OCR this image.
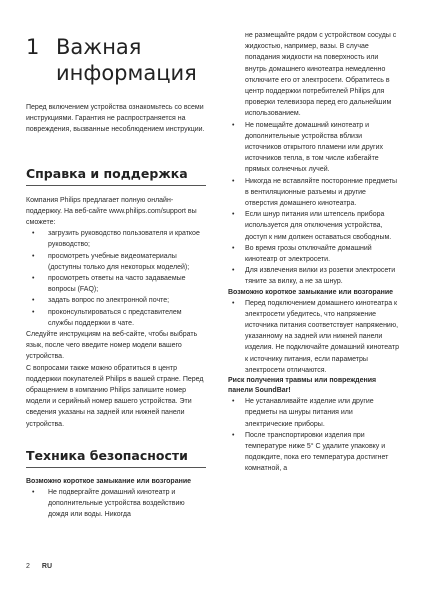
1 Важная информация

Перед включением устройства ознакомьтесь со всеми инструкциями. Гарантия не распространяется на повреждения, вызванные несоблюдением инструкции.

Справка и поддержка

Компания Philips предлагает полную онлайн-поддержку. На веб-сайте www.philips.com/support вы сможете:

• загрузить руководство пользователя и краткое руководство;
• просмотреть учебные видеоматериалы (доступны только для некоторых моделей);
• просмотреть ответы на часто задаваемые вопросы (FAQ);
• задать вопрос по электронной почте;
• проконсультироваться с представителем службы поддержки в чате.

Следуйте инструкциям на веб-сайте, чтобы выбрать язык, после чего введите номер модели вашего устройства.

С вопросами также можно обратиться в центр поддержки покупателей Philips в вашей стране. Перед обращением в компанию Philips запишите номер модели и серийный номер вашего устройства. Эти сведения указаны на задней или нижней панели устройства.

Техника безопасности

Возможно короткое замыкание или возгорание

• Не подвергайте домашний кинотеатр и дополнительные устройства воздействию дождя или воды. Никогда

не размещайте рядом с устройством сосуды с жидкостью, например, вазы. В случае попадания жидкости на поверхность или внутрь домашнего кинотеатра немедленно отключите его от электросети. Обратитесь в центр поддержки потребителей Philips для проверки телевизора перед его дальнейшим использованием.

• Не помещайте домашний кинотеатр и дополнительные устройства вблизи источников открытого пламени или других источников тепла, в том числе избегайте прямых солнечных лучей.
• Никогда не вставляйте посторонние предметы в вентиляционные разъемы и другие отверстия домашнего кинотеатра.
• Если шнур питания или штепсель прибора используется для отключения устройства, доступ к ним должен оставаться свободным.
• Во время грозы отключайте домашний кинотеатр от электросети.
• Для извлечения вилки из розетки электросети тяните за вилку, а не за шнур.

Возможно короткое замыкание или возгорание

• Перед подключением домашнего кинотеатра к электросети убедитесь, что напряжение источника питания соответствует напряжению, указанному на задней или нижней панели изделия. Не подключайте домашний кинотеатр к источнику питания, если параметры электросети отличаются.

Риск получения травмы или повреждения панели SoundBar!

• Не устанавливайте изделие или другие предметы на шнуры питания или электрические приборы.
• После транспортировки изделия при температуре ниже 5° C удалите упаковку и подождите, пока его температура достигнет комнатной, а
2 RU
